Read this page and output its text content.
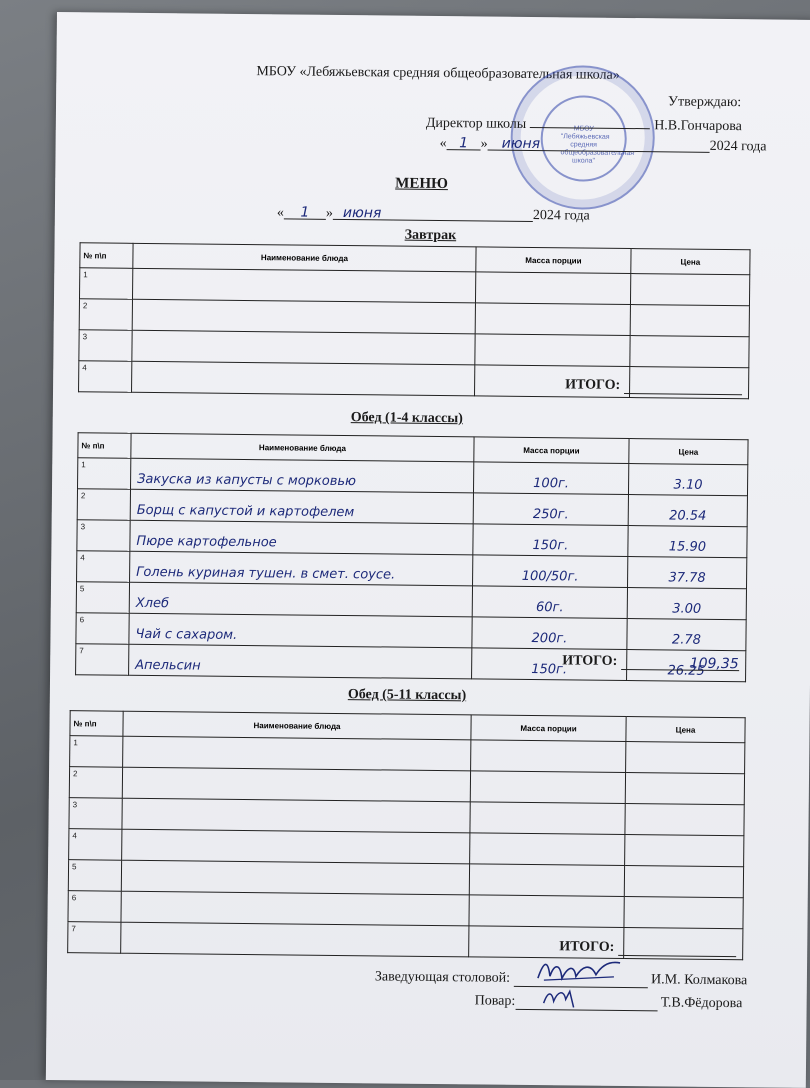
МБОУ «Лебяжьевская средняя общеобразовательная школа»
МБОУ "Лебяжьевская средняя общеобразовательная школа"
Утверждаю:
Директор школы	Н.В.Гончарова
« 1 » июня	2024 года
МЕНЮ
« 1 » июня	2024 года
Завтрак
№ п\п	Наименование блюда	Масса порции	Цена
1			
2			
3			
4			
ИТОГО:
Обед (1-4 классы)
№ п\п	Наименование блюда	Масса порции	Цена
1	Закуска из капусты с морковью	100г.	3.10
2	Борщ с капустой и картофелем	250г.	20.54
3	Пюре картофельное	150г.	15.90
4	Голень куриная тушен. в смет. соусе.	100/50г.	37.78
5	Хлеб	60г.	3.00
6	Чай с сахаром.	200г.	2.78
7	Апельсин	150г.	26.25
ИТОГО:	109,35
Обед (5-11 классы)
№ п\п	Наименование блюда	Масса порции	Цена
1			
2			
3			
4			
5			
6			
7			
ИТОГО:
Заведующая столовой:	И.М. Колмакова
Повар:	Т.В.Фёдорова
